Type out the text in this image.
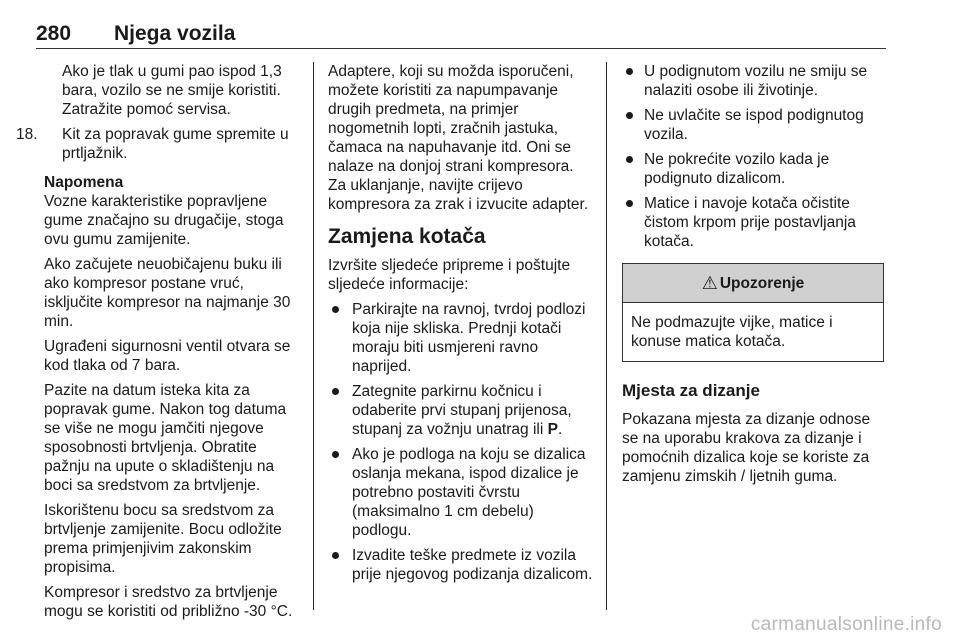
280 Njega vozila

Ako je tlak u gumi pao ispod 1,3 bara, vozilo se ne smije koristiti. Zatražite pomoć servisa.

18.	Kit za popravak gume spremite u prtljažnik.

Napomena

Vozne karakteristike popravljene gume značajno su drugačije, stoga ovu gumu zamijenite.

Ako začujete neuobičajenu buku ili ako kompresor postane vruć, isključite kompresor na najmanje 30 min.

Ugrađeni sigurnosni ventil otvara se kod tlaka od 7 bara.

Pazite na datum isteka kita za popravak gume. Nakon tog datuma se više ne mogu jamčiti njegove sposobnosti brtvljenja. Obratite pažnju na upute o skladištenju na boci sa sredstvom za brtvljenje.

Iskorištenu bocu sa sredstvom za brtvljenje zamijenite. Bocu odložite prema primjenjivim zakonskim propisima.

Kompresor i sredstvo za brtvljenje mogu se koristiti od približno -30 °C.

Adaptere, koji su možda isporučeni, možete koristiti za napumpavanje drugih predmeta, na primjer nogometnih lopti, zračnih jastuka, čamaca na napuhavanje itd. Oni se nalaze na donjoj strani kompresora. Za uklanjanje, navijte crijevo kompresora za zrak i izvucite adapter.

Zamjena kotača

Izvršite sljedeće pripreme i poštujte sljedeće informacije:

Parkirajte na ravnoj, tvrdoj podlozi koja nije skliska. Prednji kotači moraju biti usmjereni ravno naprijed.
Zategnite parkirnu kočnicu i odaberite prvi stupanj prijenosa, stupanj za vožnju unatrag ili P.
Ako je podloga na koju se dizalica oslanja mekana, ispod dizalice je potrebno postaviti čvrstu (maksimalno 1 cm debelu) podlogu.
Izvadite teške predmete iz vozila prije njegovog podizanja dizalicom.
U podignutom vozilu ne smiju se nalaziti osobe ili životinje.
Ne uvlačite se ispod podignutog vozila.
Ne pokrećite vozilo kada je podignuto dizalicom.
Matice i navoje kotača očistite čistom krpom prije postavljanja kotača.
⚠ Upozorenje
Ne podmazujte vijke, matice i konuse matica kotača.

Mjesta za dizanje

Pokazana mjesta za dizanje odnose se na uporabu krakova za dizanje i pomoćnih dizalica koje se koriste za zamjenu zimskih / ljetnih guma.

carmanualsonline.info
